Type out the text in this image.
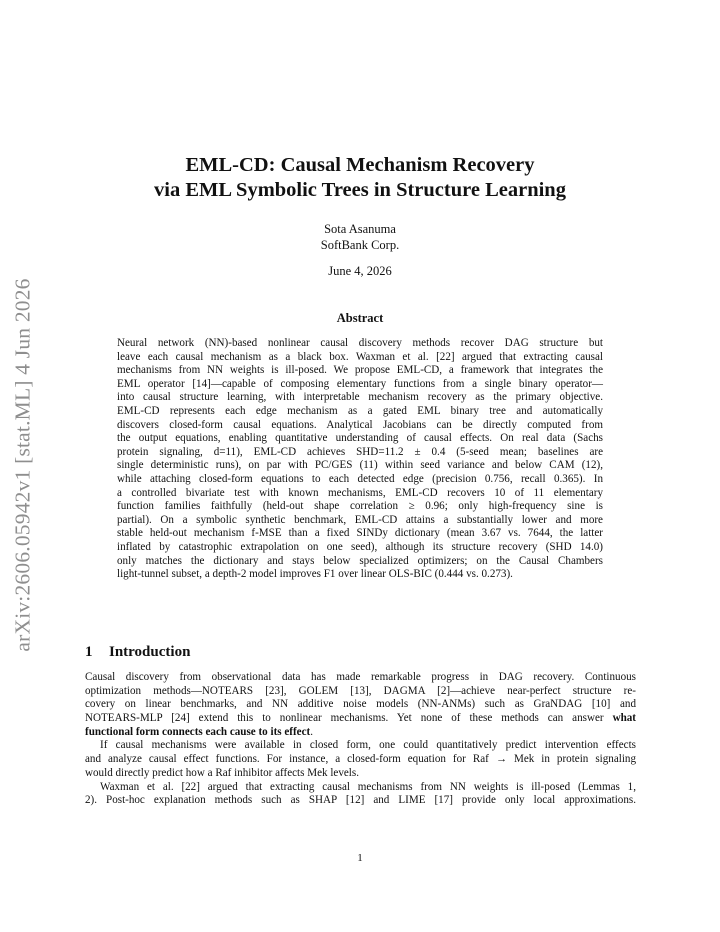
arXiv:2606.05942v1 [stat.ML] 4 Jun 2026
EML-CD: Causal Mechanism Recovery
via EML Symbolic Trees in Structure Learning
Sota Asanuma
SoftBank Corp.
June 4, 2026
Abstract
Neural network (NN)-based nonlinear causal discovery methods recover DAG structure but
leave each causal mechanism as a black box. Waxman et al. [22] argued that extracting causal
mechanisms from NN weights is ill-posed. We propose EML-CD, a framework that integrates the
EML operator [14]—capable of composing elementary functions from a single binary operator—
into causal structure learning, with interpretable mechanism recovery as the primary objective.
EML-CD represents each edge mechanism as a gated EML binary tree and automatically
discovers closed-form causal equations. Analytical Jacobians can be directly computed from
the output equations, enabling quantitative understanding of causal effects. On real data (Sachs
protein signaling, d=11), EML-CD achieves SHD=11.2 ± 0.4 (5-seed mean; baselines are
single deterministic runs), on par with PC/GES (11) within seed variance and below CAM (12),
while attaching closed-form equations to each detected edge (precision 0.756, recall 0.365). In
a controlled bivariate test with known mechanisms, EML-CD recovers 10 of 11 elementary
function families faithfully (held-out shape correlation ≥ 0.96; only high-frequency sine is
partial). On a symbolic synthetic benchmark, EML-CD attains a substantially lower and more
stable held-out mechanism f-MSE than a fixed SINDy dictionary (mean 3.67 vs. 7644, the latter
inflated by catastrophic extrapolation on one seed), although its structure recovery (SHD 14.0)
only matches the dictionary and stays below specialized optimizers; on the Causal Chambers
light-tunnel subset, a depth-2 model improves F1 over linear OLS-BIC (0.444 vs. 0.273).
1 Introduction
Causal discovery from observational data has made remarkable progress in DAG recovery. Continuous
optimization methods—NOTEARS [23], GOLEM [13], DAGMA [2]—achieve near-perfect structure re-
covery on linear benchmarks, and NN additive noise models (NN-ANMs) such as GraNDAG [10] and
NOTEARS-MLP [24] extend this to nonlinear mechanisms. Yet none of these methods can answer what
functional form connects each cause to its effect.
If causal mechanisms were available in closed form, one could quantitatively predict intervention effects
and analyze causal effect functions. For instance, a closed-form equation for Raf → Mek in protein signaling
would directly predict how a Raf inhibitor affects Mek levels.
Waxman et al. [22] argued that extracting causal mechanisms from NN weights is ill-posed (Lemmas 1,
2). Post-hoc explanation methods such as SHAP [12] and LIME [17] provide only local approximations.
1
